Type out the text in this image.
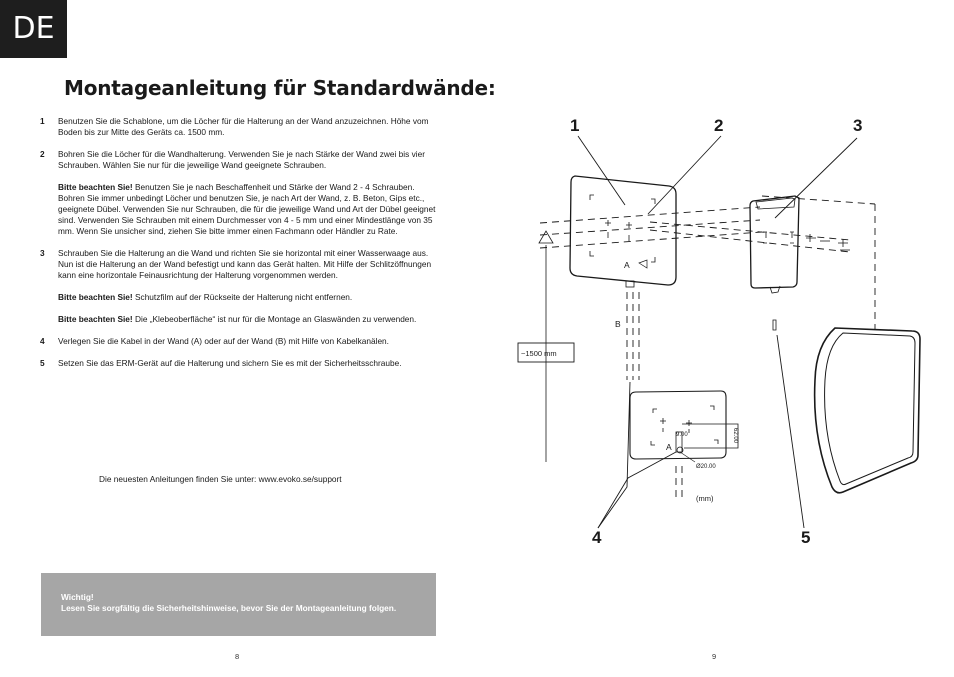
DE
Montageanleitung für Standardwände:
1	Benutzen Sie die Schablone, um die Löcher für die Halterung an der Wand anzuzeichnen. Höhe vom Boden bis zur Mitte des Geräts ca. 1500 mm.

2	Bohren Sie die Löcher für die Wandhalterung. Verwenden Sie je nach Stärke der Wand zwei bis vier Schrauben. Wählen Sie nur für die jeweilige Wand geeignete Schrauben.

Bitte beachten Sie! Benutzen Sie je nach Beschaffenheit und Stärke der Wand 2 - 4 Schrauben. Bohren Sie immer unbedingt Löcher und benutzen Sie, je nach Art der Wand, z. B. Beton, Gips etc., geeignete Dübel. Verwenden Sie nur Schrauben, die für die jeweilige Wand und Art der Dübel geeignet sind. Verwenden Sie Schrauben mit einem Durchmesser von 4 - 5 mm und einer Mindestlänge von 35 mm. Wenn Sie unsicher sind, ziehen Sie bitte immer einen Fachmann oder Händler zu Rate.

3	Schrauben Sie die Halterung an die Wand und richten Sie sie horizontal mit einer Wasserwaage aus. Nun ist die Halterung an der Wand befestigt und kann das Gerät halten. Mit Hilfe der Schlitzöffnungen kann eine horizontale Feinausrichtung der Halterung vorgenommen werden.

Bitte beachten Sie! Schutzfilm auf der Rückseite der Halterung nicht entfernen.

Bitte beachten Sie! Die „Klebeoberfläche“ ist nur für die Montage an Glaswänden zu verwenden.

4	Verlegen Sie die Kabel in der Wand (A) oder auf der Wand (B) mit Hilfe von Kabelkanälen.

5	Setzen Sie das ERM-Gerät auf die Halterung und sichern Sie es mit der Sicherheitsschraube.

Die neuesten Anleitungen finden Sie unter: www.evoko.se/support
Wichtig!
Lesen Sie sorgfältig die Sicherheitshinweise, bevor Sie der Montageanleitung folgen.
8	9
1	2	3
4	5
~1500 mm
A
B
A
9.00	62.00
Ø20.00
(mm)
